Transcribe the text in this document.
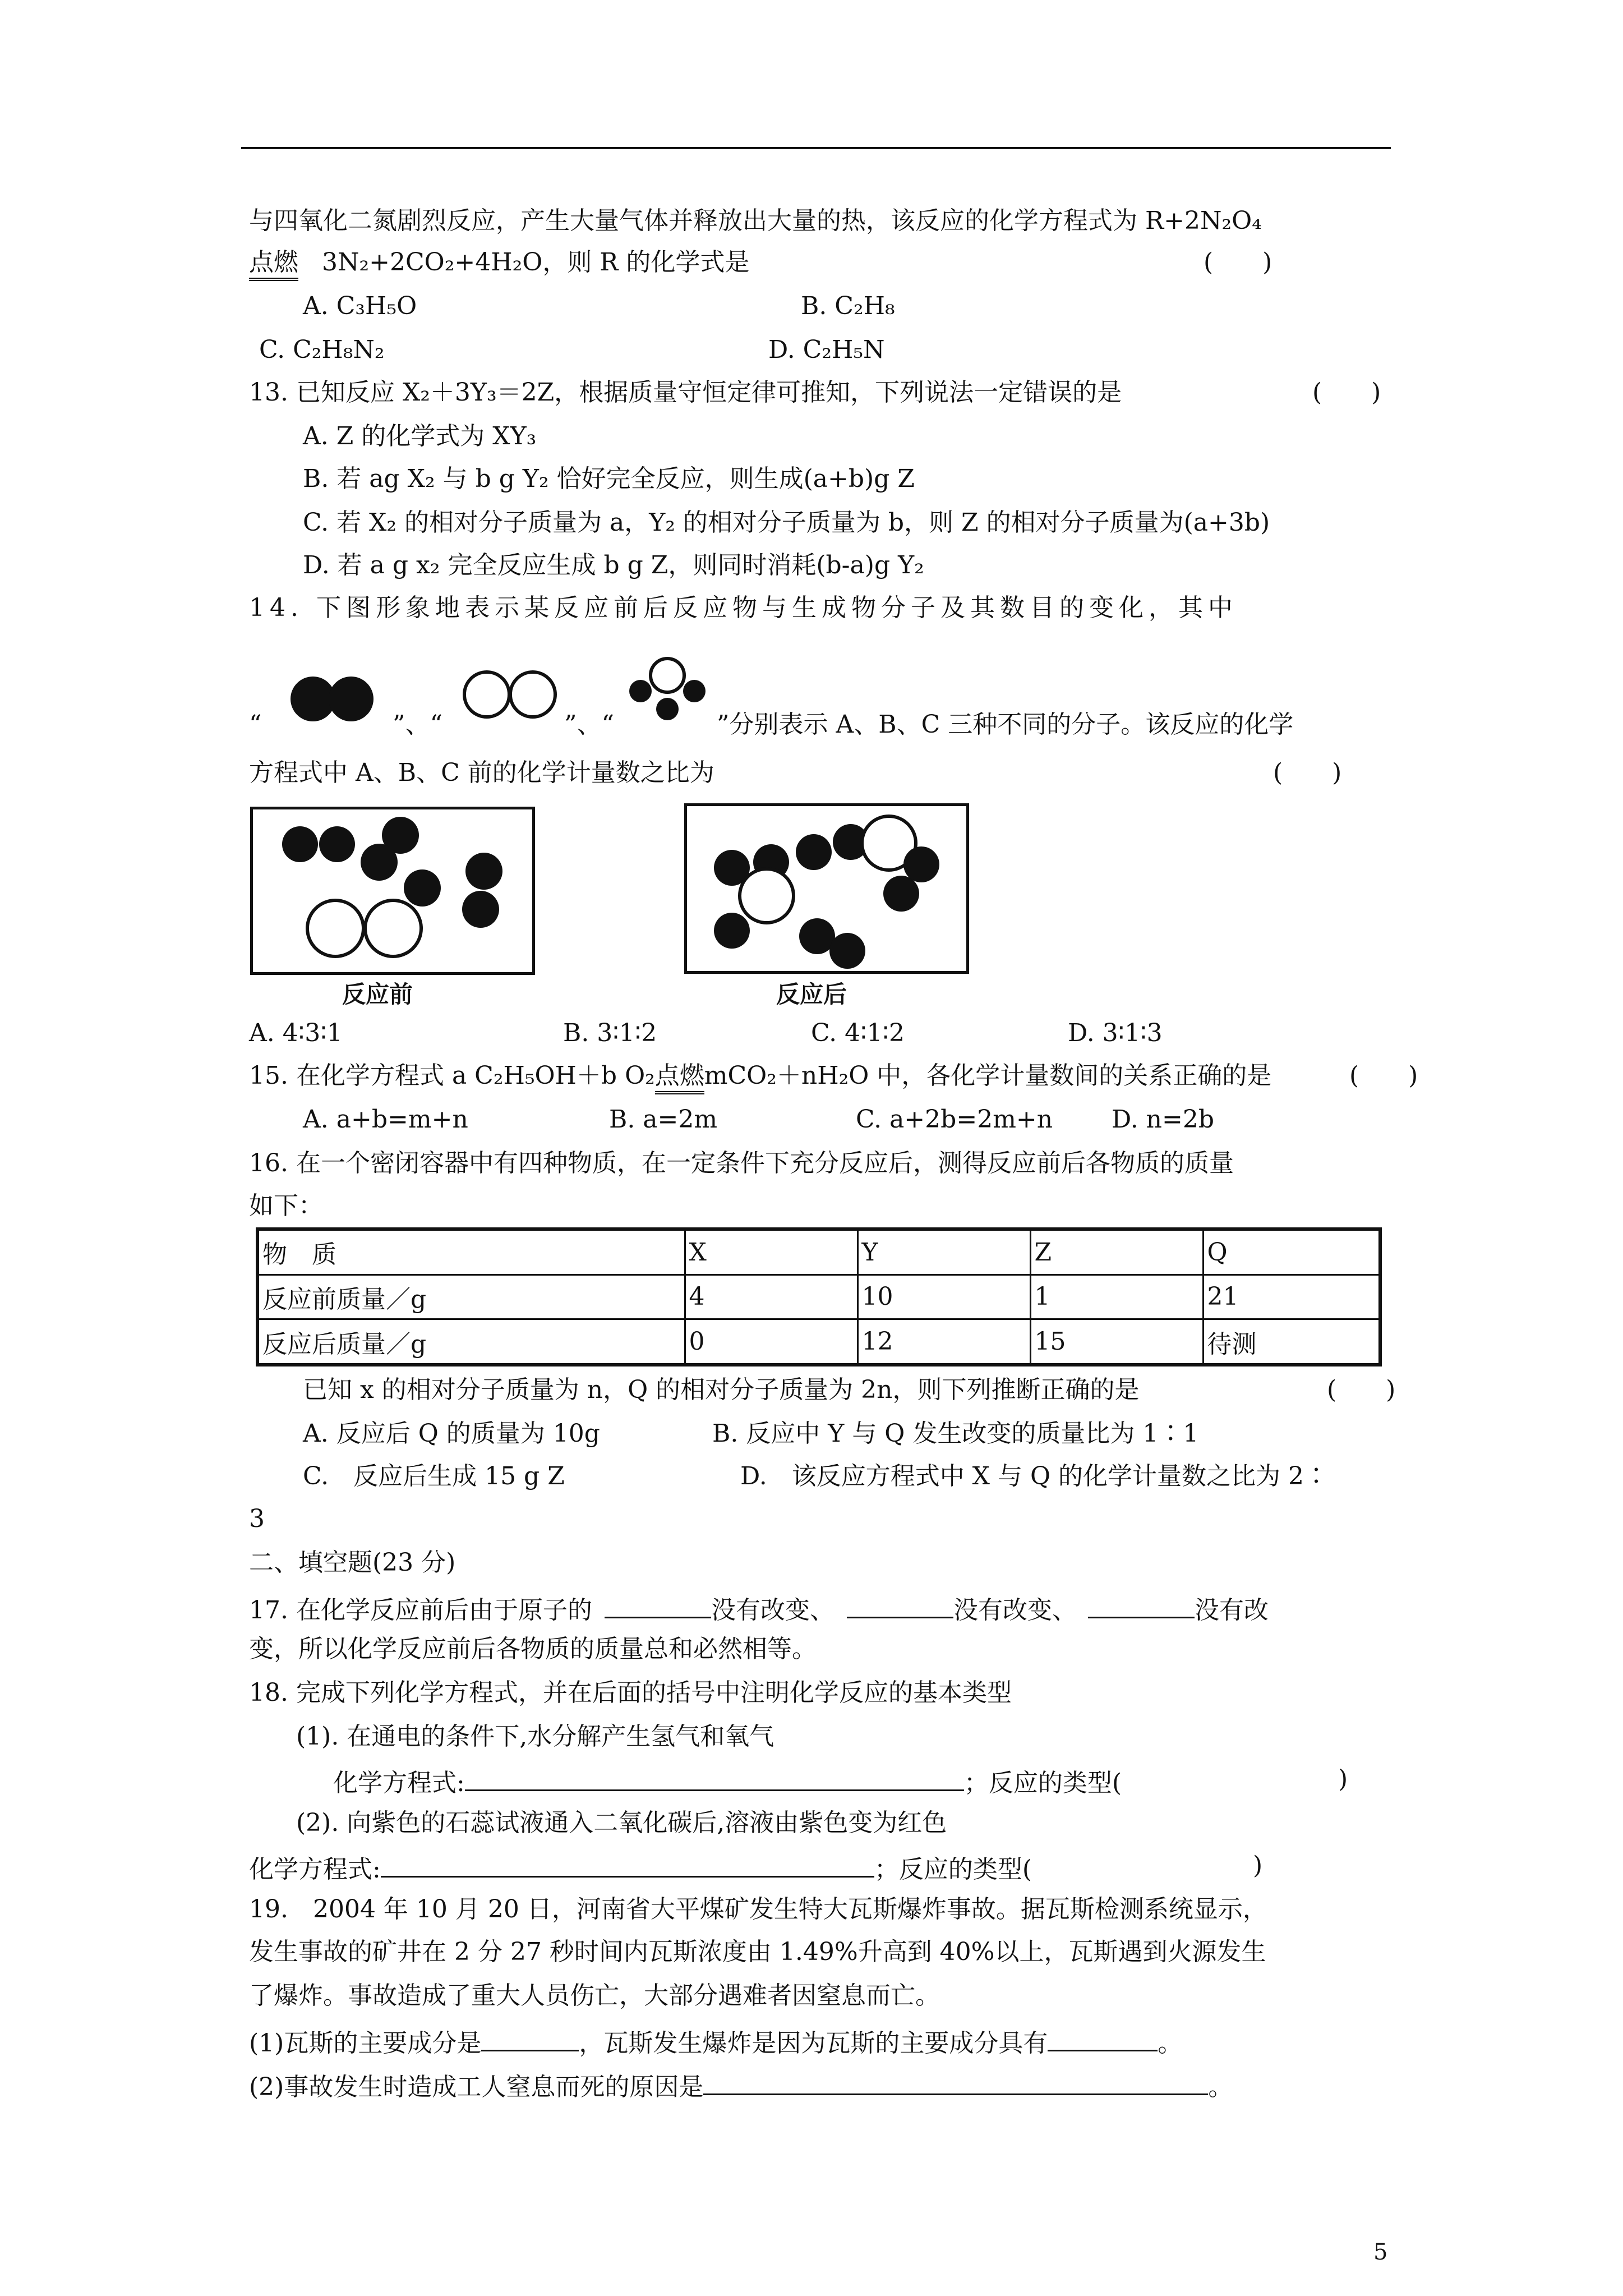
与四氧化二氮剧烈反应，产生大量气体并释放出大量的热，该反应的化学方程式为 R+2N₂O₄
点燃 3N₂+2CO₂+4H₂O，则 R 的化学式是	(　　)
A. C₃H₅O	B. C₂H₈
C. C₂H₈N₂	D. C₂H₅N
13. 已知反应 X₂＋3Y₃＝2Z，根据质量守恒定律可推知，下列说法一定错误的是	(　　)
A. Z 的化学式为 XY₃
B. 若 ag X₂ 与 b g Y₂ 恰好完全反应，则生成(a+b)g Z
C. 若 X₂ 的相对分子质量为 a，Y₂ 的相对分子质量为 b，则 Z 的相对分子质量为(a+3b)
D. 若 a g x₂ 完全反应生成 b g Z，则同时消耗(b-a)g Y₂
14. 下图形象地表示某反应前后反应物与生成物分子及其数目的变化，其中
“	”、“	”、“	”分别表示 A、B、C 三种不同的分子。该反应的化学
方程式中 A、B、C 前的化学计量数之比为	(　　)
反应前	反应后
A. 4∶3∶1	B. 3∶1∶2	C. 4∶1∶2	D. 3∶1∶3
15. 在化学方程式 a C₂H₅OH＋b O₂点燃mCO₂＋nH₂O 中，各化学计量数间的关系正确的是	(　　)
A. a+b=m+n	B. a=2m	C. a+2b=2m+n D. n=2b
16. 在一个密闭容器中有四种物质，在一定条件下充分反应后，测得反应前后各物质的质量
如下：
物　质	X	Y	Z	Q
反应前质量／g	4	10	1	21
反应后质量／g	0	12	15	待测
已知 x 的相对分子质量为 n，Q 的相对分子质量为 2n，则下列推断正确的是	(　　)
A. 反应后 Q 的质量为 10g	B. 反应中 Y 与 Q 发生改变的质量比为 1∶1
C.　反应后生成 15 g Z	D.　该反应方程式中 X 与 Q 的化学计量数之比为 2∶
3
二、填空题(23 分)
17. 在化学反应前后由于原子的	没有改变、	没有改变、	没有改
变，所以化学反应前后各物质的质量总和必然相等。
18. 完成下列化学方程式，并在后面的括号中注明化学反应的基本类型
(1). 在通电的条件下,水分解产生氢气和氧气
化学方程式:	；反应的类型(	)
(2). 向紫色的石蕊试液通入二氧化碳后,溶液由紫色变为红色
化学方程式:	；反应的类型(	)
19.　2004 年 10 月 20 日，河南省大平煤矿发生特大瓦斯爆炸事故。据瓦斯检测系统显示，
发生事故的矿井在 2 分 27 秒时间内瓦斯浓度由 1.49%升高到 40%以上，瓦斯遇到火源发生
了爆炸。事故造成了重大人员伤亡，大部分遇难者因窒息而亡。
(1)瓦斯的主要成分是	，瓦斯发生爆炸是因为瓦斯的主要成分具有	。
(2)事故发生时造成工人窒息而死的原因是	。
5
